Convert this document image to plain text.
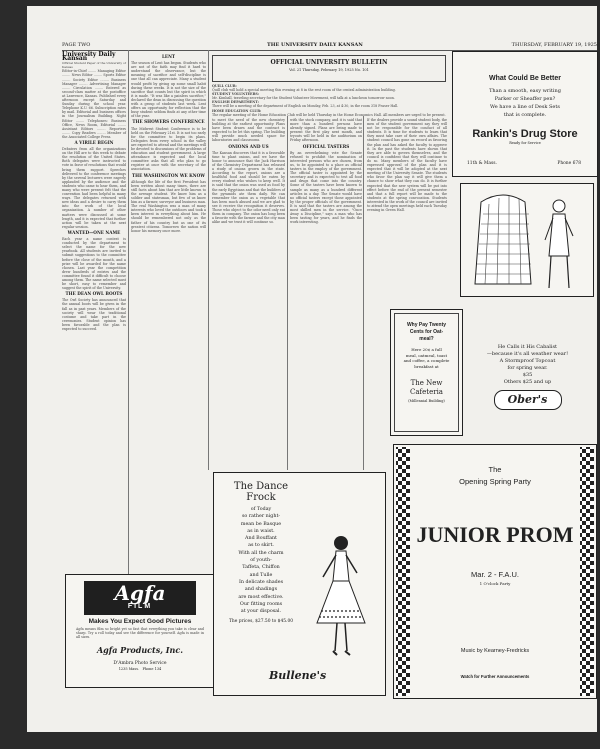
PAGE TWO	THE UNIVERSITY DAILY KANSAN	THURSDAY, FEBRUARY 19, 1925
University Daily Kansan
Official Student Paper of the University of Kansas
Editor-in-Chief ........ Managing Editor ........ News Editor ........ Sports Editor ........ Society Editor ........ Business Manager ........ Advertising Manager ........ Circulation ........ Entered as second-class matter at the postoffice at Lawrence, Kansas. Published every afternoon except Saturday and Sunday during the school year. Telephone K.U. 66. Subscription rates by mail. Editorial and business offices in the Journalism Building. Night Editor ........ Telephones: Business Office, News Room, Editorial ........ Assistant Editors ........ Reporters ........ Copy Readers ........ Member of the Associated College Press.
A VIRILE BEGIN
Debaters from all the organizations on the Hill are to this week to debate the resolution of the United States. Both delegates were instructed to vote in favor of resolutions that would bring them support. Speeches delivered to the conference meetings by the several lecturers were eagerly applauded by the audience and the students who came to hear them, and many who were present felt that the convention had been helpful in many ways. The delegates returned with new ideas and a desire to carry them into the work of the local organization. A number of other matters were discussed at some length, and it is expected that further action will be taken at the next regular session.
WANTED—ONE NAME
Each year a name contest is conducted by the department to select the name for the new yearbook. All students are invited to submit suggestions to the committee before the close of the month, and a prize will be awarded for the name chosen. Last year the competition drew hundreds of entries and the committee found it difficult to choose among them. The name selected must be short, easy to remember and suggest the spirit of the University.
THE DEAN OWL BOOTS
The Owl Society has announced that the annual boots will be given in the fall as in past years. Members of the society will wear the traditional costume and take part in the ceremonies. Student opinion has been favorable and the plan is expected to succeed.
LENT
The season of Lent has begun. Students who are not of the faith may find it hard to understand the observance, but the meaning of sacrifice and self-discipline is one that all can appreciate. Many a student would profit by giving up some small habit during these weeks. It is not the size of the sacrifice that counts but the spirit in which it is made. "It was like a painless sacrifice," declared the dean in discussing the question with a group of students last week. Lent offers an opportunity for reflection that the busy student seldom finds at any other time of the year.
THE SHOWERS CONFERENCE
The Midwest Student Conference is to be held on the February 21st. It is not too early for the committee to begin its plans. Delegates from every school in the valley are expected to attend and the meetings will be devoted to discussions of the problems of education and student government. A large attendance is expected and the local committee asks that all who plan to go register at once with the secretary of the association.
THE WASHINGTON WE KNOW
Although the life of the first President has been written about many times, there are still facts about him that are little known to the average student. We know him as a soldier and statesman, but few of us know him as a farmer, surveyor and business man. The real Washington was a man of many interests who loved the outdoors and took a keen interest in everything about him. He should be remembered not only as the father of his country but as one of its greatest citizens. Tomorrow the nation will honor his memory once more.
OFFICIAL UNIVERSITY BULLETIN
Vol. 21 Thursday, February 19, 1925 No. 101
QUILL CLUB:
Quill club will hold a special meeting this evening at 8 in the rest room of the central administration building.
STUDENT VOLUNTEERS:
Mr. Kimball, traveling secretary for the Student Volunteer Movement, will talk at a luncheon tomorrow noon.
ENGLISH DEPARTMENT:
There will be a meeting of the department of English on Monday, Feb. 23, at 4:30, in the room 318 Fraser Hall.
HOME EDUCATION CLUB:
The regular meeting of the Home Education Club will be held Thursday in the Home Economics Hall. All members are urged to be present.
to meet the need of the new chemistry building at the earliest opportunity. Plans have been drawn and the contract is expected to be let this spring. The building will provide much needed space for laboratories and classrooms.
ONIONS AND US
The Kansan discovers that it is a favorable time to plant onions, and we have the honor to announce that the Jack Harrison of the Chemistry Department has released a study of onions grown in the state. According to the report, onions are a healthful food and should be eaten by every student who wishes to keep well. It is said that the onion was used as food by the early Egyptians and that the builders of the pyramids ate them daily. We can remember the onion as a vegetable that has been much abused and we are glad to see it receive the recognition it deserves. Those who object to the odor need only eat them in company. The onion has long been a favorite with the farmer and the city man alike and we trust it will continue so.
with the stock company, and it is said that more than a hundred persons have already signed. Plans are being made to present the first play next month, and tryouts will be held in the auditorium on Friday afternoon.
OFFICIAL TASTERS
By an overwhelming vote the Senate refused to prohibit the nomination of interested persons who are chosen, from us, to be appointed to a place as official tasters in the employ of the government. The official taster is appointed by the secretary and is expected to test all food and drugs that come into the country. Some of the tasters have been known to sample as many as a hundred different articles in a day. The Senate would have no official tasters except those appointed by the proper officials of the government. It is said that the tasters are among the most skilled men in the service. "Once Away a Discipline," says a man who has been tasting for years, and he finds the work interesting.
If the dealers provide a sound student body, the men of the student government say they will not be responsible for the conduct of all students. It is time for students to learn that they must take care of their own affairs. The student council has gone on record as favoring the plan and has asked the faculty to approve it. In the past the students have shown that they are able to govern themselves, and the council is confident that they will continue to do so. Many members of the faculty have expressed approval of the plan and it is expected that it will be adopted at the next meeting of the University Senate. The students who favor the plan say it will give them a chance to show what they can do. It is further expected that the new system will be put into effect before the end of the present semester and that a full report will be made to the students at the spring convocation. Students interested in the work of the council are invited to attend the open meetings held each Tuesday evening in Green Hall.
Agfa
FILM
Makes You Expect Good Pictures
Agfa means film so bright yet so fast that everything you take is clear and sharp. Try a roll today and see the difference for yourself. Agfa is made in all sizes.
Agfa Products, Inc.
D'Ambra Photo Service
1235 Mass. Phone 134
The Dance Frock
of Today
so rather night-
mean be Basque
as in waist.
And Bouffant
as to skirt.
With all the charm
of youth-
Taffeta, Chiffon
and Tulle
In delicate shades
and shadings
are most effective.
Our fitting rooms
at your disposal.
The prices, $27.50 to $45.00
Bullene's
What Could Be Better
Than a smooth, easy writing
Parker or Sheaffer pen?
We have a line of Desk Sets
that is complete.
Rankin's Drug Store
Ready for Service
11th & Mass.	Phone 678
Why Pay Twenty
Cents for Oat-
meal?
Here 20¢ a full
meal, oatmeal, toast
and coffee, a complete
breakfast at
The New Cafeteria
(Millennial Building)
He Calls it His Cabalist
—because it's all weather wear!
A Stormproof Topcoat
for spring wear.
$35
Others $25 and up
Ober's
The
Opening Spring Party
JUNIOR PROM
Mar. 2 - F.A.U.
1 O'clock Party
Music by Kearney-Fredricks
Watch for Further Announcements
